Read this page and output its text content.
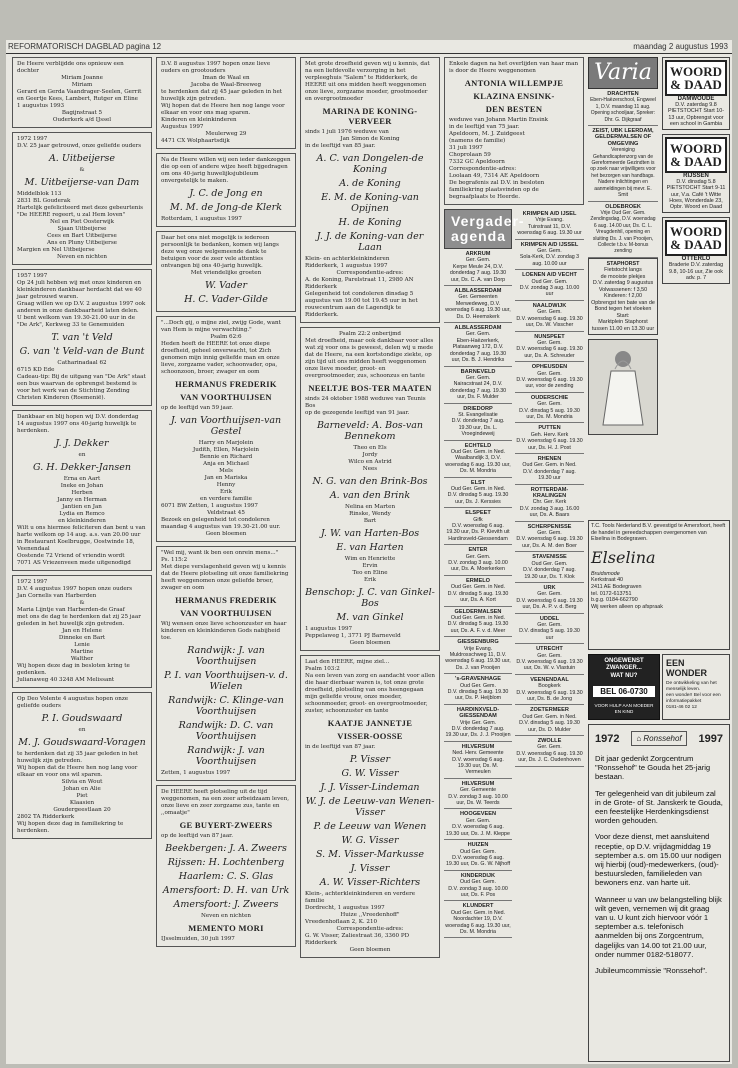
REFORMATORISCH DAGBLAD pagina 12	maandag 2 augustus 1993
De Heere verblijdde ons opnieuw een dochter
Miriam Joanne
Miriam
Gerard en Gerda Vaandrager-Seelen, Gerrit en Geertje Kees, Lambert, Rutger en Eline
1 augustus 1993
Bagijnstraat 5
Ouderkerk a/d IJssel
1972 1997
D.V. 25 jaar getrouwd, onze geliefde ouders
A. Uitbeijerse
&
M. Uitbeijerse-van Dam
Middelblok 113
2831 BL Gouderak
Hartelijk gefeliciteerd met deze gebeurtenis
"De HEERE regeert, u zal Hem loven"
Nel en Piet Oosterwijk
Sjaan Uitbeijerse
Cees en Bart Uitbeijerse
Ans en Pluny Uitbeijerse
Margien en Nel Uitbeijerse
Neven en nichten
1957 1997
Op 24 juli hebben wij met onze kinderen en kleinkinderen dankbaar herdacht dat we 40 jaar getrouwd waren.
Graag willen we op D.V. 2 augustus 1997 ook anderen in onze dankbaarheid laten delen.
U bent welkom van 19.30-21.00 uur in de
"De Ark", Kerkweg 33 te Genemuiden
T. van 't Veld
G. van 't Veld-van de Bunt
Catharinadaal 62
6715 KD Ede
Cadeau-tip: Bij de uitgang van "De Ark" staat een bus waarvan de opbrengst bestemd is voor het werk van de Stichting Zending Christen Kinderen (Roemenië).
Dankbaar en blij hopen wij D.V. donderdag 14 augustus 1997 ons 40-jarig huwelijk te herdenken.
J. J. Dekker
en
G. H. Dekker-Jansen
Erna en Aart
Ineke en Johan
Herben
Janny en Herman
Jantien en Jan
Lydia en Remco
en kleinkinderen
Wilt u ons hiermee feliciteren dan bent u van harte welkom op 14 aug. a.s. van 20.00 uur in Restaurant Koelbrugge, Oostwinde 18, Veenendaal
Oostende 72 Vriend of vriendin wordt
7071 AS Vriezenveen mede uitgenodigd
1972 1997
D.V. 4 augustus 1997 hopen onze ouders
Jan Cornelis van Harberden
&
Maria Lijntje van Harberden-de Graaf
met ons de dag te herdenken dat zij 25 jaar geleden in het huwelijk zijn getreden.
Jan en Helene
Dinneke en Bart
Lenie
Martine
Walther
Wij hopen deze dag in besloten kring te gedenken.
Julianaweg 40 3248 AM Melissant
Op Deo Volente 4 augustus hopen onze geliefde ouders
P. I. Goudswaard
en
M. J. Goudswaard-Voragen
te herdenken dat zij 35 jaar geleden in het huwelijk zijn getreden.
Wij hopen dat de Heere hen nog lang voor elkaar en voor ons wil sparen.
Silvia en Wout
Johan en Alie
Piet
Klaasien
Goudergeestlaan 20
2802 TA Ridderkerk
Wij hopen deze dag in familiekring te herdenken.
D.V. 8 augustus 1997 hopen onze lieve ouders en grootouders
Iman de Waal en
Jacoba de Waal-Breeweg
te herdenken dat zij 45 jaar geleden in het huwelijk zijn getreden.
Wij hopen dat de Heere hen nog lange voor elkaar en voor ons mag sparen.
Kinderen en kleinkinderen
Augustus 1997
Meulerweg 29
4471 CX Wolphaartsdijk
Na de Heere willen wij een ieder dankzeggen die op een of andere wijze heeft bijgedragen om ons 40-jarig huwelijksjubileum onvergetelijk te maken.
J. C. de Jong en
M. M. de Jong-de Klerk
Rotterdam, 1 augustus 1997
Daar het ons niet mogelijk is iedereen persoonlijk te bedanken, komen wij langs deze weg onze welgemeende dank te betuigen voor de zeer vele attenties ontvangen bij ons 40-jarig huwelijk.
Met vriendelijke groeten
W. Vader
H. C. Vader-Gilde
"...Doch gij, o mijne ziel, zwijg Gode, want van Hem is mijne verwachting."
Psalm 62:6
Heden heeft de HEERE tot onze diepe droefheid, geheel onverwacht, tot Zich genomen mijn innig geliefde man en onze lieve, zorgzame vader, schoonvader, opa, schoonzoon, broer, zwager en oom
HERMANUS FREDERIK
VAN VOORTHUIJSEN
op de leeftijd van 59 jaar.
J. van Voorthuijsen-van Gestel
Harry en Marjolein
Judith, Ellen, Marjolein
Bennie en Richard
Anja en Michael
Mels
Jan en Mariska
Henny
Erik
en verdere familie
6071 BW Zetten, 1 augustus 1997
Veldstraat 45
Bezoek en gelegenheid tot condoleren maandag 4 augustus van 19.30-21.00 uur.
Geen bloemen
"Wel mij, want ik ben een onrein mens..."
Ps. 115:2
Met diepe verslagenheid geven wij u kennis dat de Heere plotseling uit onze familiekring heeft weggenomen onze geliefde broer, zwager en oom
HERMANUS FREDERIK
VAN VOORTHUIJSEN
Wij wensen onze lieve schoonzuster en haar kinderen en kleinkinderen Gods nabijheid toe.
Randwijk: J. van Voorthuijsen
P. I. van Voorthuijsen-v. d. Wielen
Randwijk: C. Klinge-van Voorthuijsen
Randwijk: D. C. van Voorthuijsen
Randwijk: J. van Voorthuijsen
Zetten, 1 augustus 1997
De HEERE heeft plotseling uit de tijd weggenomen, na een zeer arbeidzaam leven, onze lieve en zeer zorgzame zus, tante en ,,omaatje"
GE BUYERT-ZWEERS
op de leeftijd van 87 jaar.
Beekbergen: J. A. Zweers
Rijssen: H. Lochtenberg
Haarlem: C. S. Glas
Amersfoort: D. H. van Urk
Amersfoort: J. Zweers
Neven en nichten
MEMENTO MORI
IJsselmuiden, 30 juli 1997
Met grote droefheid geven wij u kennis, dat na een liefdevolle verzorging in het verpleeghuis "Salem" te Ridderkerk, de HEERE uit ons midden heeft weggenomen onze lieve, zorgzame moeder, grootmoeder en overgrootmoeder
MARINA DE KONING-VERVEER
sinds 1 juli 1976 weduwe van
Jan Simon de Koning
in de leeftijd van 85 jaar.
A. C. van Dongelen-de Koning
A. de Koning
E. M. de Koning-van Opijnen
H. de Koning
J. J. de Koning-van der Laan
Klein- en achterkleinkinderen
Ridderkerk, 1 augustus 1997
Correspondentie-adres:
A. de Koning, Parelstraat 11, 2980 AN Ridderkerk
Gelegenheid tot condoleren dinsdag 5 augustus van 19.00 tot 19.45 uur in het rouwcentrum aan de Lagendijk te Ridderkerk.
Psalm 22:2 onberijmd
Met droefheid, maar ook dankbaar voor alles wat zij voor ons is geweest, delen wij u mede dat de Heere, na een kortstondige ziekte, op zijn tijd uit ons midden heeft weggenomen onze lieve moeder, groot- en overgrootmoeder, zus, schoonzus en tante
NEELTJE BOS-TER MAATEN
sinds 24 oktober 1988 weduwe van Teunis Bos
op de gezegende leeftijd van 91 jaar.
Barneveld: A. Bos-van Bennekom
Theo en Els
Jordy
Wilco en Astrid
Nees
N. G. van den Brink-Bos
A. van den Brink
Nelina en Marten
Rinske, Wendy
Bart
J. W. van Harten-Bos
E. van Harten
Wim en Henriette
Ervin
Teo en Eline
Erik
Benschop: J. C. van Ginkel-Bos
M. van Ginkel
1 augustus 1997
Peppelaweg 1, 3771 PJ Barneveld
Geen bloemen
Laat den HEERE, mijne ziel...
Psalm 103:2
Na een leven van zorg en aandacht voor allen die haar dierbaar waren is, tot onze grote droefheid, plotseling van ons heengegaan mijn geliefde vrouw, onze moeder, schoonmoeder, groot- en overgrootmoeder, zuster, schoonzuster en tante
KAATJE JANNETJE
VISSER-OOSSE
in de leeftijd van 87 jaar.
P. Visser
G. W. Visser
J. J. Visser-Lindeman
W. J. de Leeuw-van Wenen-Visser
P. de Leeuw van Wenen
W. G. Visser
S. M. Visser-Markusse
J. Visser
A. W. Visser-Richters
Klein-, achterkleinkinderen en verdere familie
Dordrecht, 1 augustus 1997
Huize ,,Vreedenhoff"
Vreedenhoflaan 2, K. 210
Correspondentie-adres:
G. W. Visser, Zaliestraat 36, 3360 PD Ridderkerk
Geen bloemen
Enkele dagen na het overlijden van haar man is door de Heere weggenomen
ANTONIA WILLEMPJE
KLAZINA ENSINK-
DEN BESTEN
weduwe van Johann Martin Ensink
in de leeftijd van 75 jaar.
Apeldoorn, M. J. Zuidgeest
(namens de familie)
31 juli 1997
Choprolaan 59
7332 GC Apeldoorn
Correspondentie-adres:
Loolaan 49, 7314 AE Apeldoorn
De begrafenis zal D.V. in besloten familiekring plaatsvinden op de begraafplaats te Heerde.
Vergader-agenda
ARKRUM
Ger. Gem.
Kerpe Meule 24, D.V. donderdag 7 aug. 19.30 uur, Ds. C. A. van Dorp
ALBLASSERDAM
Ger. Gemeenten
Merwedeweg, D.V. woensdag 6 aug. 19.30 uur, Ds. D. Heemskerk
ALBLASSERDAM
Ger. Gem.
Eben-Haëzerkerk, Plataanweg 172, D.V. donderdag 7 aug. 19.30 uur, Ds. B. J. Hendriks
BARNEVELD
Ger. Gem.
Nairacstraat 24, D.V. donderdag 7 aug. 19.30 uur, Ds. F. Mulder
DRIEDORP
St. Evangelisatie
D.V. donderdag 7 aug. 19.30 uur, Ds. L. Vroegindeweij
ECHTELD
Oud Ger. Gem. in Ned.
Waalbandijk 3, D.V. woensdag 6 aug. 19.30 uur, Ds. M. Mondria
ELST
Oud Ger. Gem. in Ned.
D.V. dinsdag 5 aug. 19.30 uur, Ds. J. Kerssies
ELSPEET
Gifk
D.V. woensdag 6 aug. 19.30 uur, Ds. P. Kievith uit Hardinxveld-Giessendam
ENTER
Ger. Gem.
D.V. zondag 3 aug. 10.00 uur, Ds. A. Moerkerken
ERMELO
Oud Ger. Gem. in Ned.
D.V. dinsdag 5 aug. 19.30 uur, Ds. A. Kort
GELDERMALSEN
Oud Ger. Gem. in Ned.
D.V. dinsdag 5 aug. 19.30 uur, Ds. A. F. v. d. Meer
GIESSENBURG
Vrije Evang.
Muldrosschweg 11, D.V. woensdag 6 aug. 19.30 uur, Ds. J. van Prooijen
's-GRAVENHAGE
Oud Ger. Gem.
D.V. dinsdag 5 aug. 19.30 uur, Ds. P. Heijblom
HARDINXVELD-GIESSENDAM
Vrije Ger. Gem.
D.V. donderdag 7 aug. 19.30 uur, Ds. J. J. Prooijen
HILVERSUM
Ned. Herv. Gemeente
D.V. woensdag 6 aug. 19.30 uur, Ds. M. Vermeulen
HILVERSUM
Ger. Gemeente
D.V. zondag 3 aug. 10.00 uur, Ds. W. Teerds
HOOGEVEEN
Ger. Gem.
D.V. woensdag 6 aug. 19.30 uur, Ds. J. M. Kleppe
HUIZEN
Oud Ger. Gem.
D.V. woensdag 6 aug. 19.30 uur, Ds. G. W. Nijhoff
KINDERDIJK
Oud Ger. Gem.
D.V. zondag 3 aug. 10.00 uur, Ds. F. Pos
KLUNDERT
Oud Ger. Gem. in Ned.
Noordachter 19, D.V. woensdag 6 aug. 19.30 uur, Ds. M. Mondria
KRIMPEN A/D IJSEL
Vrije Evang.
Tuinstraat 11, D.V. woensdag 6 aug. 19.30 uur
KRIMPEN A/D IJSSEL
Ger. Gem.
Sola-Kerk, D.V. zondag 3 aug. 10.00 uur
LOENEN A/D VECHT
Oud Ger. Gem.
D.V. zondag 3 aug. 10.00 uur
NAALDWIJK
Ger. Gem.
D.V. woensdag 6 aug. 19.30 uur, Ds. W. Visscher
NUNSPEET
Ger. Gem.
D.V. woensdag 6 aug. 19.30 uur, Ds. A. Schreuder
OPHEUSDEN
Ger. Gem.
D.V. woensdag 6 aug. 19.30 uur, voor de zending
OUDERSCHIE
Ger. Gem.
D.V. dinsdag 5 aug. 19.30 uur, Ds. M. Mondria
PUTTEN
Geh. Herv. Kerk
D.V. woensdag 6 aug. 19.30 uur, Ds. H. J. Post
RHENEN
Oud Ger. Gem. in Ned.
D.V. donderdag 7 aug. 19.30 uur
ROTTERDAM-KRALINGEN
Chr. Ger. Kerk
D.V. zondag 3 aug. 16.00 uur, Ds. A. Baars
SCHERPENISSE
Ger. Gem.
D.V. woensdag 6 aug. 19.30 uur, Ds. A. M. den Boer
STAVENISSE
Oud Ger. Gem.
D.V. donderdag 7 aug. 19.30 uur, Ds. T. Klok
URK
Ger. Gem.
D.V. woensdag 6 aug. 19.30 uur, Ds. A. P. v. d. Berg
UDDEL
Ger. Gem.
D.V. dinsdag 5 aug. 19.30 uur
UTRECHT
Ger. Gem.
D.V. woensdag 6 aug. 19.30 uur, Ds. W. v. Vlastuin
VEENENDAAL
Boogkerk
D.V. woensdag 6 aug. 19.30 uur, Ds. B. de Jong
ZOETERMEER
Oud Ger. Gem. in Ned.
D.V. dinsdag 5 aug. 19.30 uur, Ds. D. Mulder
ZWOLLE
Ger. Gem.
D.V. woensdag 6 aug. 19.30 uur, Ds. J. C. Oudenhoven
Varia
DRACHTEN
Eben-Haëzerschool, Engweel 1, D.V. maandag 11 aug. Opening schooljaar, Spreker: Dhr. G. Dijkgraaf
ZEIST, UBK LEERDAM, GELDERMALSEN OF OMGEVING
Vereniging Gehandicaptenzorg van de Gereformeerde Gezindten is op zoek naar vrijwilligers voor het bezorgen van handbags. Nadere inlichtingen en aanmeldingen bij mevr. E. Smit
OLDEBROEK
Vrije Oud Ger. Gem. Zendingsdag, D.V. woensdag 6 aug. 14.00 uur, Ds. C. L. Vreugdenhil, opening en sluiting Ds. J. van Prooijen, Collecte t.b.v. M-bonus zending
STAPHORST
Fietstocht langs
de mooiste plekjes
D.V. zaterdag 9 augustus
Volwassenen: f 3,50
Kinderen: f 2,00
Opbrengst ten bate van de
Bond tegen het vloeken
Start:
Marktplein Staphorst
tussen 11.00 en 13.30 uur
WOORD & DAAD
DAMWOUDE
D.V. zaterdag 9.8 PIETSTOCHT Start 10-13 uur, Opbrengst voor een school in Gambia
WOORD & DAAD
RIJSSEN
D.V. dinsdag 5.8 PIETSTOCHT Start 9-11 uur, V.a. Café 't Witte Hoes, Wonderdale 23, Opbr. Woord en Daad
WOORD & DAAD
OTTERLO
Braderie D.V. zaterdag 9.8, 10-16 uur, Zie ook adv. p. 7
T.C. Tools Nederland B.V. gevestigd te Amersfoort, heeft de handel in gereedschappen overgenomen van Elselina in Bodegraven.
Elselina
Bruidsmode
Kerkstraat 40
2411 AE Bodegraven
tel. 0172-613751
b.g.g. 0184-662790
Wij werken alleen op afspraak
ONGEWENST ZWANGER...
WAT NU?
BEL 06-0730
VOOR HULP AAN MOEDER EN KIND
EEN WONDER
De ontwikkeling van het menselijk leven.
een wonder! Bel voor een informatiepakket
0181-46 02 12
1972	⌂ Ronssehof	1997

Dit jaar gedenkt Zorgcentrum "Ronssehof" te Gouda het 25-jarig bestaan.

Ter gelegenheid van dit jubileum zal in de Grote- of St. Janskerk te Gouda, een feestelijke Herdenkingsdienst worden gehouden.

Voor deze dienst, met aansluitend receptie, op D.V. vrijdagmiddag 19 september a.s. om 15.00 uur nodigen wij hierbij (oud)-medewerkers, (oud)-bestuursleden, familieleden van bewoners enz. van harte uit.

Wanneer u van uw belangstelling blijk wilt geven, vernemen wij dit graag van u. U kunt zich hiervoor vóór 1 september a.s. telefonisch aanmelden bij ons Zorgcentrum, dagelijks van 14.00 tot 21.00 uur, onder nummer 0182-518077.

Jubileumcommissie "Ronssehof".
